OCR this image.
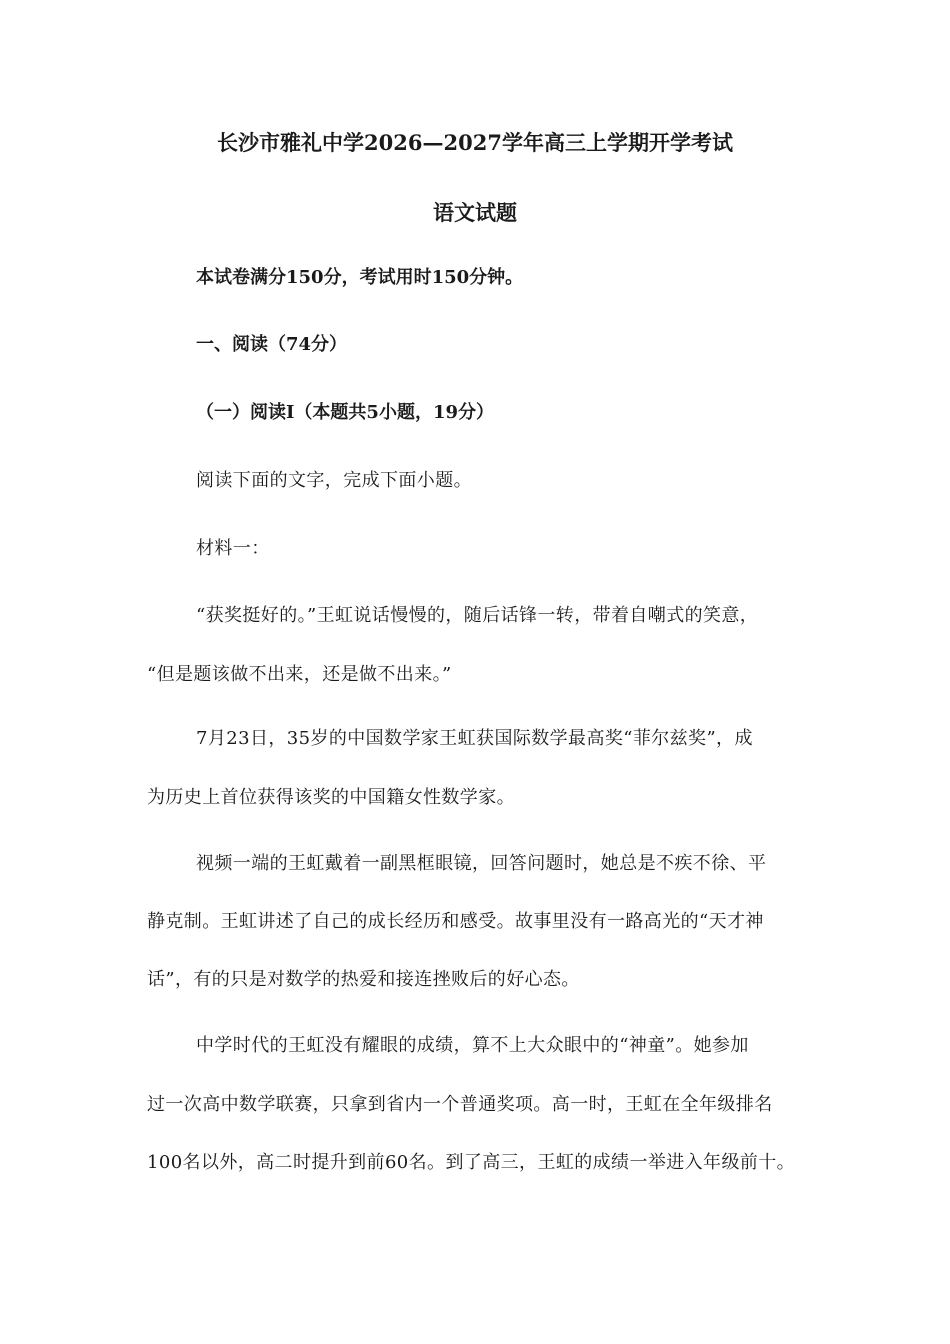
长沙市雅礼中学2026—2027学年高三上学期开学考试
语文试题
本试卷满分150分，考试用时150分钟。
一、阅读（74分）
（一）阅读Ⅰ（本题共5小题，19分）
阅读下面的文字，完成下面小题。
材料一：
“获奖挺好的。”王虹说话慢慢的，随后话锋一转，带着自嘲式的笑意，
“但是题该做不出来，还是做不出来。”
7月23日，35岁的中国数学家王虹获国际数学最高奖“菲尔兹奖”，成
为历史上首位获得该奖的中国籍女性数学家。
视频一端的王虹戴着一副黑框眼镜，回答问题时，她总是不疾不徐、平
静克制。王虹讲述了自己的成长经历和感受。故事里没有一路高光的“天才神
话”，有的只是对数学的热爱和接连挫败后的好心态。
中学时代的王虹没有耀眼的成绩，算不上大众眼中的“神童”。她参加
过一次高中数学联赛，只拿到省内一个普通奖项。高一时，王虹在全年级排名
100名以外，高二时提升到前60名。到了高三，王虹的成绩一举进入年级前十。
